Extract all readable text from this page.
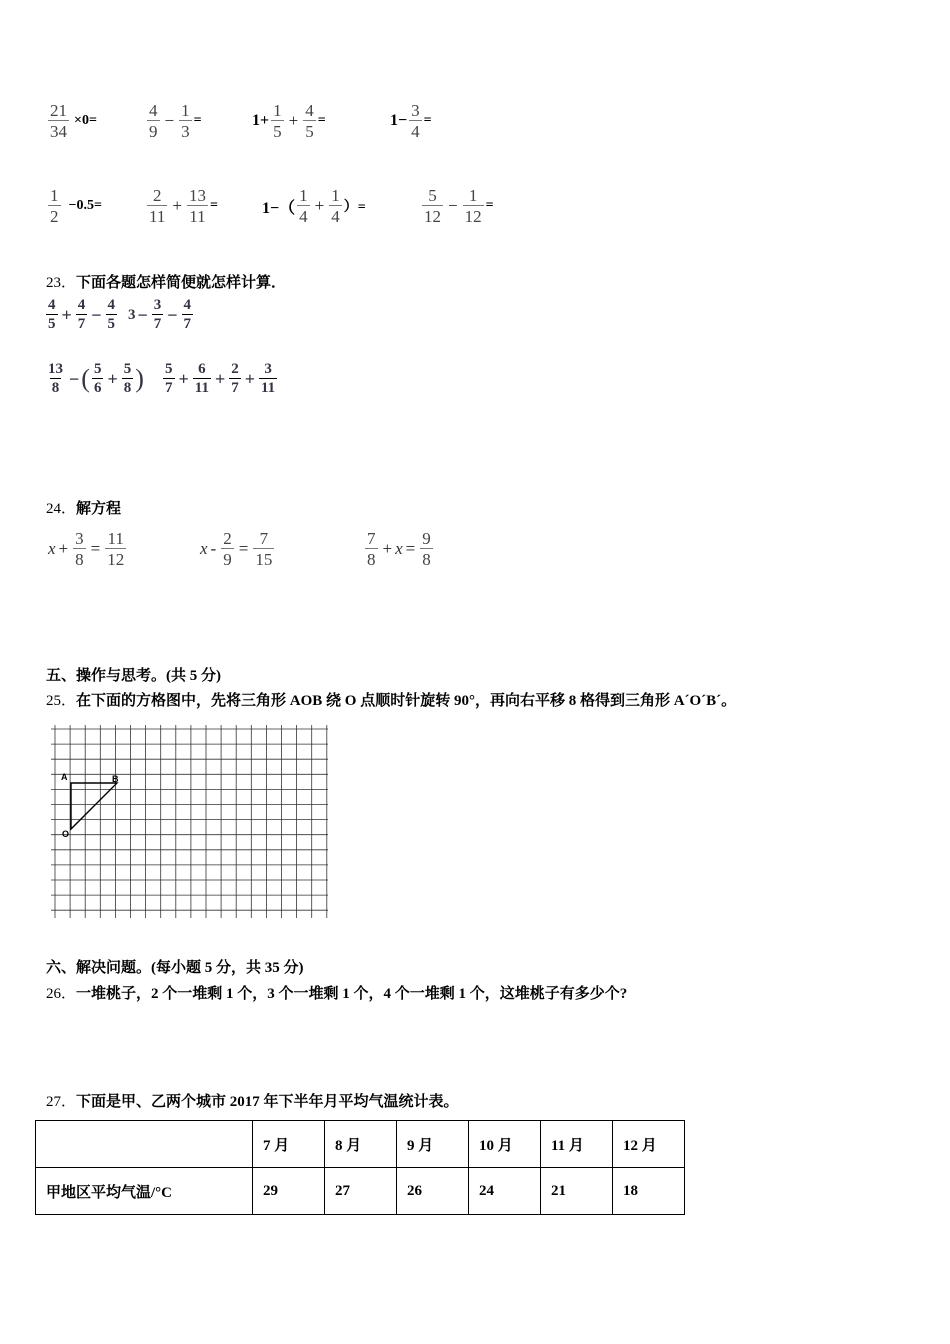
$\frac{21}{34} \times 0=$	$\frac{4}{9} - \frac{1}{3}$ =	$1+ \frac{1}{5} + \frac{4}{5}$ =	$1- \frac{3}{4}$ =
$\frac{1}{2} -0.5=$	$\frac{2}{11} + \frac{13}{11}$ =	$1-( \frac{1}{4} + \frac{1}{4}$ ）=	$\frac{5}{12} - \frac{1}{12}$ =
23．下面各题怎样简便就怎样计算．
$\frac{4}{5} + \frac{4}{7} - \frac{4}{5} 3 - \frac{3}{7} - \frac{4}{7}$
$\frac{13}{8}$ − ( $\frac{5}{6} + \frac{5}{8}$ ) $\frac{5}{7} + \frac{6}{11} + \frac{2}{7} + \frac{3}{11}$
24．解方程
$x + \frac{3}{8} = \frac{11}{12}$	$x - \frac{2}{9} = \frac{7}{15}$	$\frac{7}{8} + x = \frac{9}{8}$
五、操作与思考。(共 5 分)
25．在下面的方格图中，先将三角形 AOB 绕 O 点顺时针旋转 90°，再向右平移 8 格得到三角形 A´O´B´。
A	B
O
六、解决问题。(每小题 5 分，共 35 分)
26．一堆桃子，2 个一堆剩 1 个，3 个一堆剩 1 个，4 个一堆剩 1 个，这堆桃子有多少个?
27．下面是甲、乙两个城市 2017 年下半年月平均气温统计表。
	7 月	8 月	9 月	10 月	11 月	12 月
甲地区平均气温/°C	29	27	26	24	21	18
